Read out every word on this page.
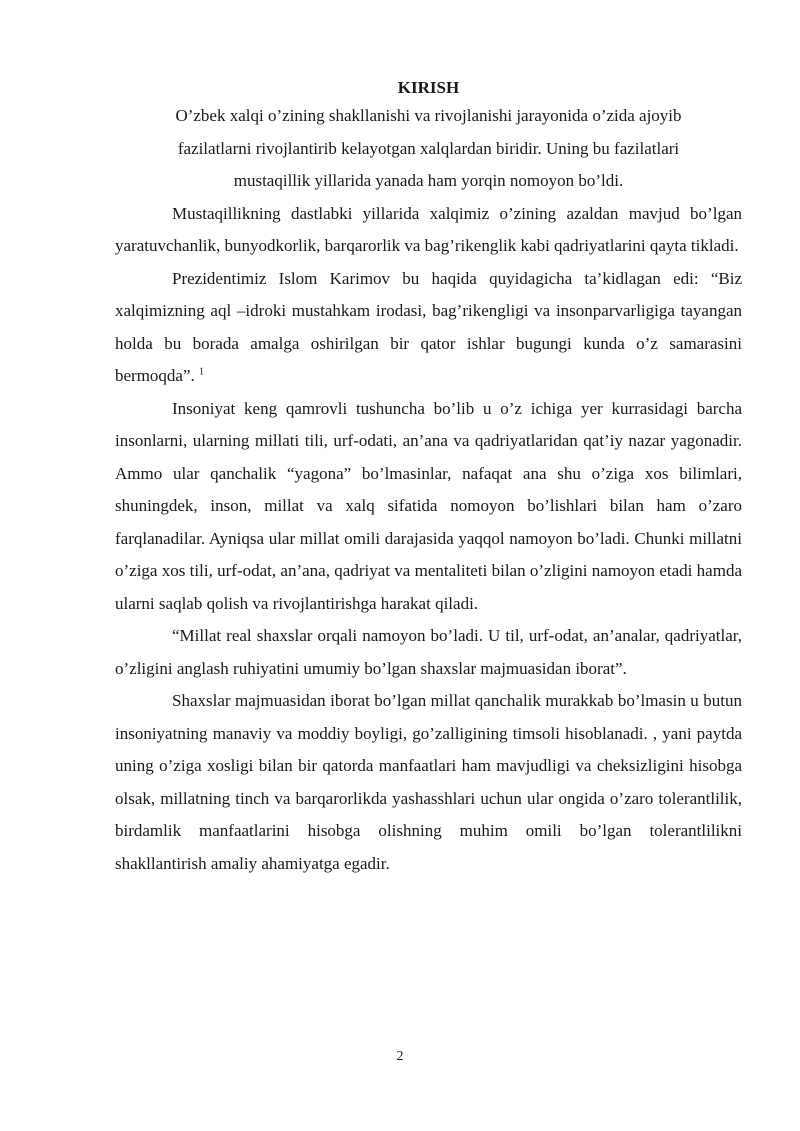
KIRISH

O’zbek xalqi o’zining shakllanishi va rivojlanishi jarayonida o’zida ajoyib
fazilatlarni rivojlantirib kelayotgan xalqlardan biridir. Uning bu fazilatlari
mustaqillik yillarida yanada ham yorqin nomoyon bo’ldi.

Mustaqillikning dastlabki yillarida xalqimiz o’zining azaldan mavjud bo’lgan yaratuvchanlik, bunyodkorlik, barqarorlik va bag’rikenglik kabi qadriyatlarini qayta tikladi.

Prezidentimiz Islom Karimov bu haqida quyidagicha ta’kidlagan edi: “Biz xalqimizning aql –idroki mustahkam irodasi, bag’rikengligi va insonparvarligiga tayangan holda bu borada amalga oshirilgan bir qator ishlar bugungi kunda o’z samarasini bermoqda”. $^1$

Insoniyat keng qamrovli tushuncha bo’lib u o’z ichiga yer kurrasidagi barcha insonlarni, ularning millati tili, urf-odati, an’ana va qadriyatlaridan qat’iy nazar yagonadir. Ammo ular qanchalik “yagona” bo’lmasinlar, nafaqat ana shu o’ziga xos bilimlari, shuningdek, inson, millat va xalq sifatida nomoyon bo’lishlari bilan ham o’zaro farqlanadilar. Ayniqsa ular millat omili darajasida yaqqol namoyon bo’ladi. Chunki millatni o’ziga xos tili, urf-odat, an’ana, qadriyat va mentaliteti bilan o’zligini namoyon etadi hamda ularni saqlab qolish va rivojlantirishga harakat qiladi.

“Millat real shaxslar orqali namoyon bo’ladi. U til, urf-odat, an’analar, qadriyatlar, o’zligini anglash ruhiyatini umumiy bo’lgan shaxslar majmuasidan iborat”.

Shaxslar majmuasidan iborat bo’lgan millat qanchalik murakkab bo’lmasin u butun insoniyatning manaviy va moddiy boyligi, go’zalligining timsoli hisoblanadi. , yani paytda uning o’ziga xosligi bilan bir qatorda manfaatlari ham mavjudligi va cheksizligini hisobga olsak, millatning tinch va barqarorlikda yashasshlari uchun ular ongida o’zaro tolerantlilik, birdamlik manfaatlarini hisobga olishning muhim omili bo’lgan tolerantlilikni shakllantirish amaliy ahamiyatga egadir.

2
